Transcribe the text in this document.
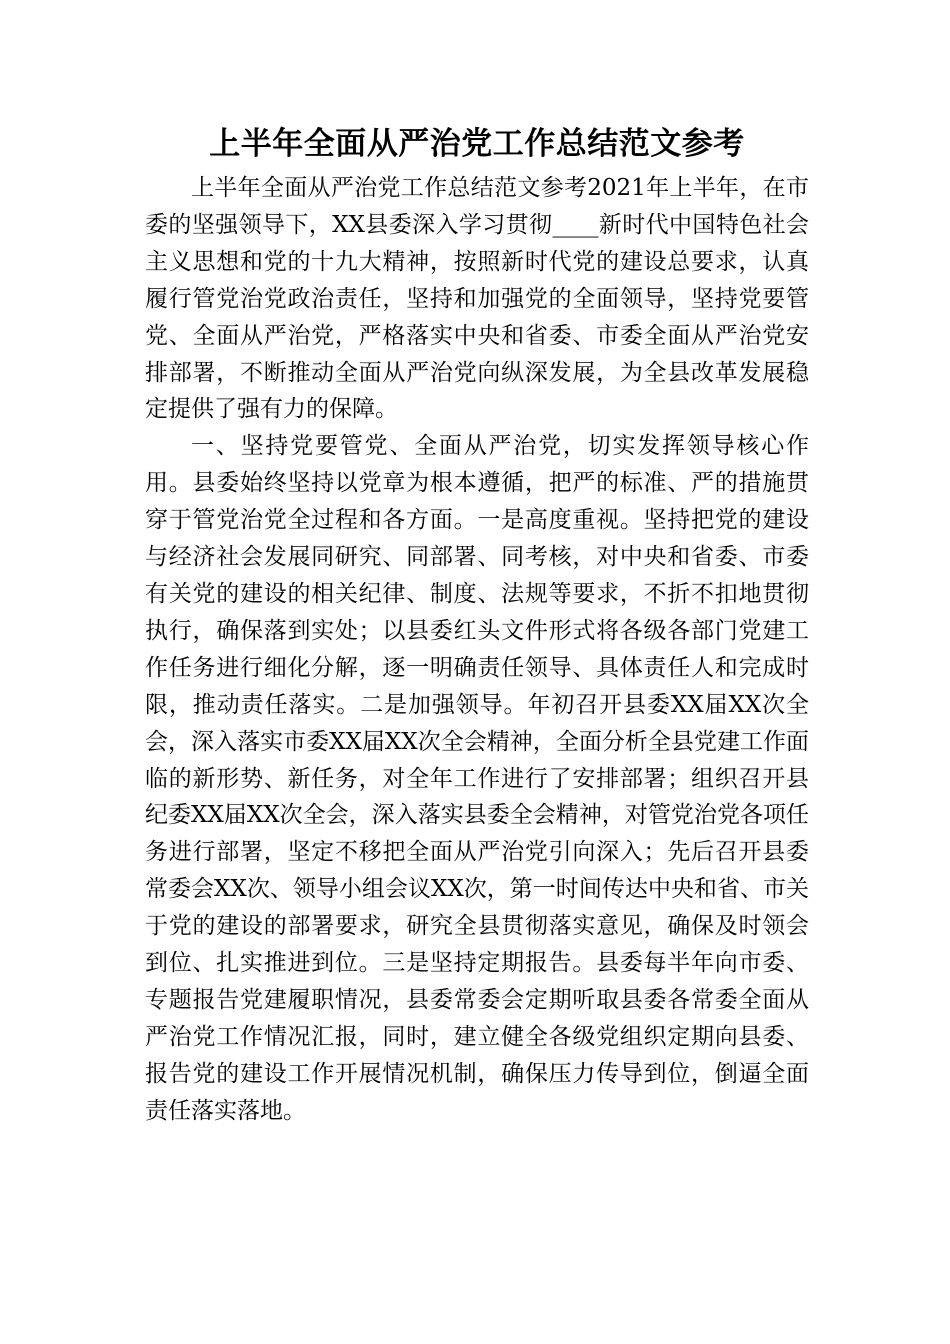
上半年全面从严治党工作总结范文参考

上半年全面从严治党工作总结范文参考2021年上半年，在市委的坚强领导下，XX县委深入学习贯彻____新时代中国特色社会主义思想和党的十九大精神，按照新时代党的建设总要求，认真履行管党治党政治责任，坚持和加强党的全面领导，坚持党要管党、全面从严治党，严格落实中央和省委、市委全面从严治党安排部署，不断推动全面从严治党向纵深发展，为全县改革发展稳定提供了强有力的保障。

一、坚持党要管党、全面从严治党，切实发挥领导核心作用。县委始终坚持以党章为根本遵循，把严的标准、严的措施贯穿于管党治党全过程和各方面。一是高度重视。坚持把党的建设与经济社会发展同研究、同部署、同考核，对中央和省委、市委有关党的建设的相关纪律、制度、法规等要求，不折不扣地贯彻执行，确保落到实处；以县委红头文件形式将各级各部门党建工作任务进行细化分解，逐一明确责任领导、具体责任人和完成时限，推动责任落实。二是加强领导。年初召开县委XX届XX次全会，深入落实市委XX届XX次全会精神，全面分析全县党建工作面临的新形势、新任务，对全年工作进行了安排部署；组织召开县纪委XX届XX次全会，深入落实县委全会精神，对管党治党各项任务进行部署，坚定不移把全面从严治党引向深入；先后召开县委常委会XX次、领导小组会议XX次，第一时间传达中央和省、市关于党的建设的部署要求，研究全县贯彻落实意见，确保及时领会到位、扎实推进到位。三是坚持定期报告。县委每半年向市委、专题报告党建履职情况，县委常委会定期听取县委各常委全面从严治党工作情况汇报，同时，建立健全各级党组织定期向县委、报告党的建设工作开展情况机制，确保压力传导到位，倒逼全面责任落实落地。
